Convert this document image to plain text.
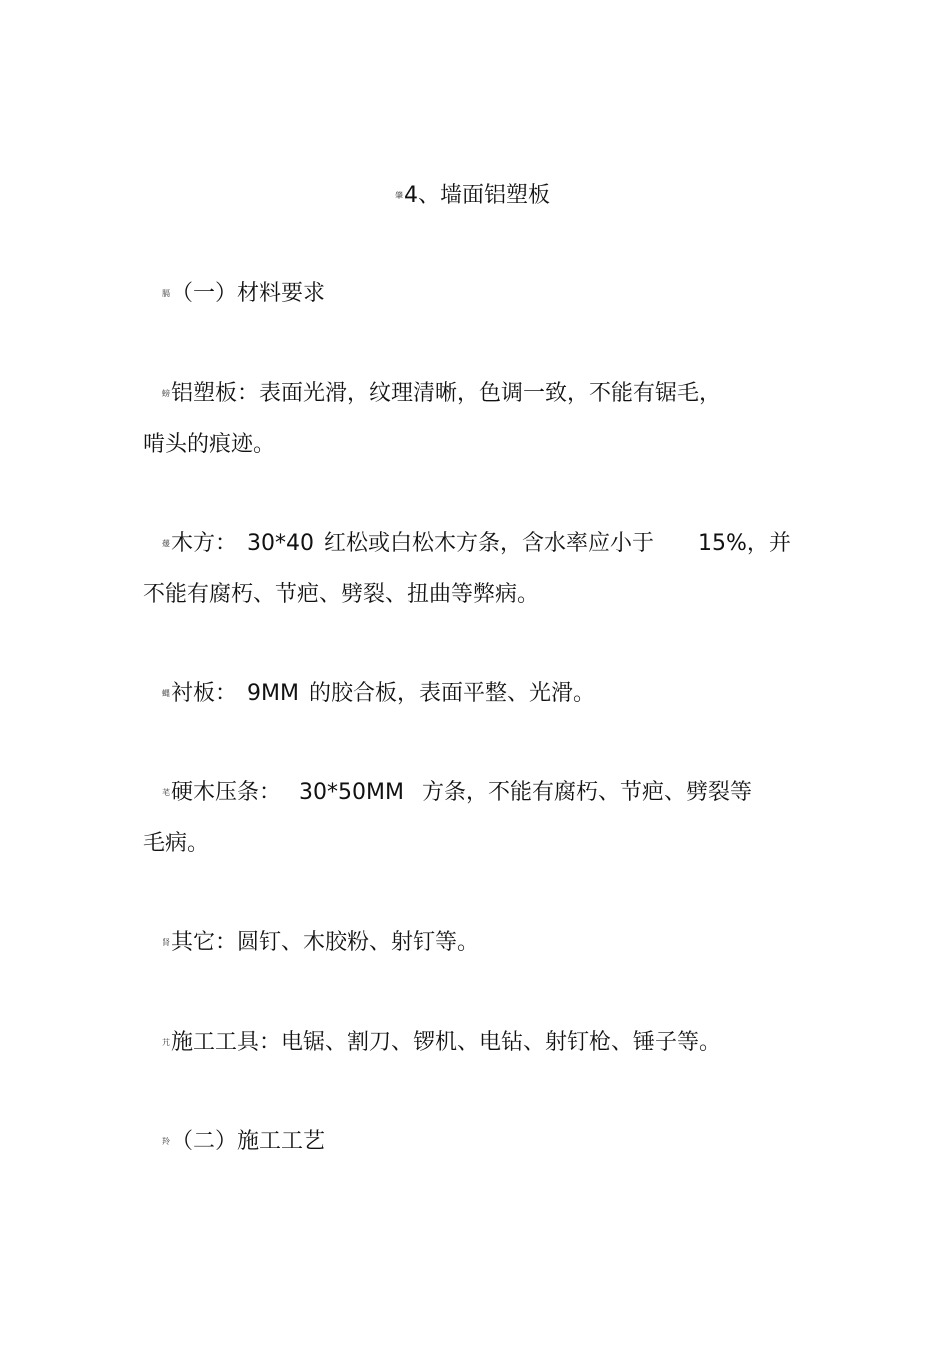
肇4、墙面铝塑板
膈（一）材料要求
螃铝塑板：表面光滑，纹理清晰，色调一致，不能有锯毛，
啃头的痕迹。
蕿木方： 30*40 红松或白松木方条，含水率应小于 15%，并
不能有腐朽、节疤、劈裂、扭曲等弊病。
蝿衬板： 9MM 的胶合板，表面平整、光滑。
芼硬木压条： 30*50MM 方条，不能有腐朽、节疤、劈裂等
毛病。
肾其它：圆钉、木胶粉、射钉等。
芁施工工具：电锯、割刀、锣机、电钻、射钉枪、锤子等。
羚（二）施工工艺
